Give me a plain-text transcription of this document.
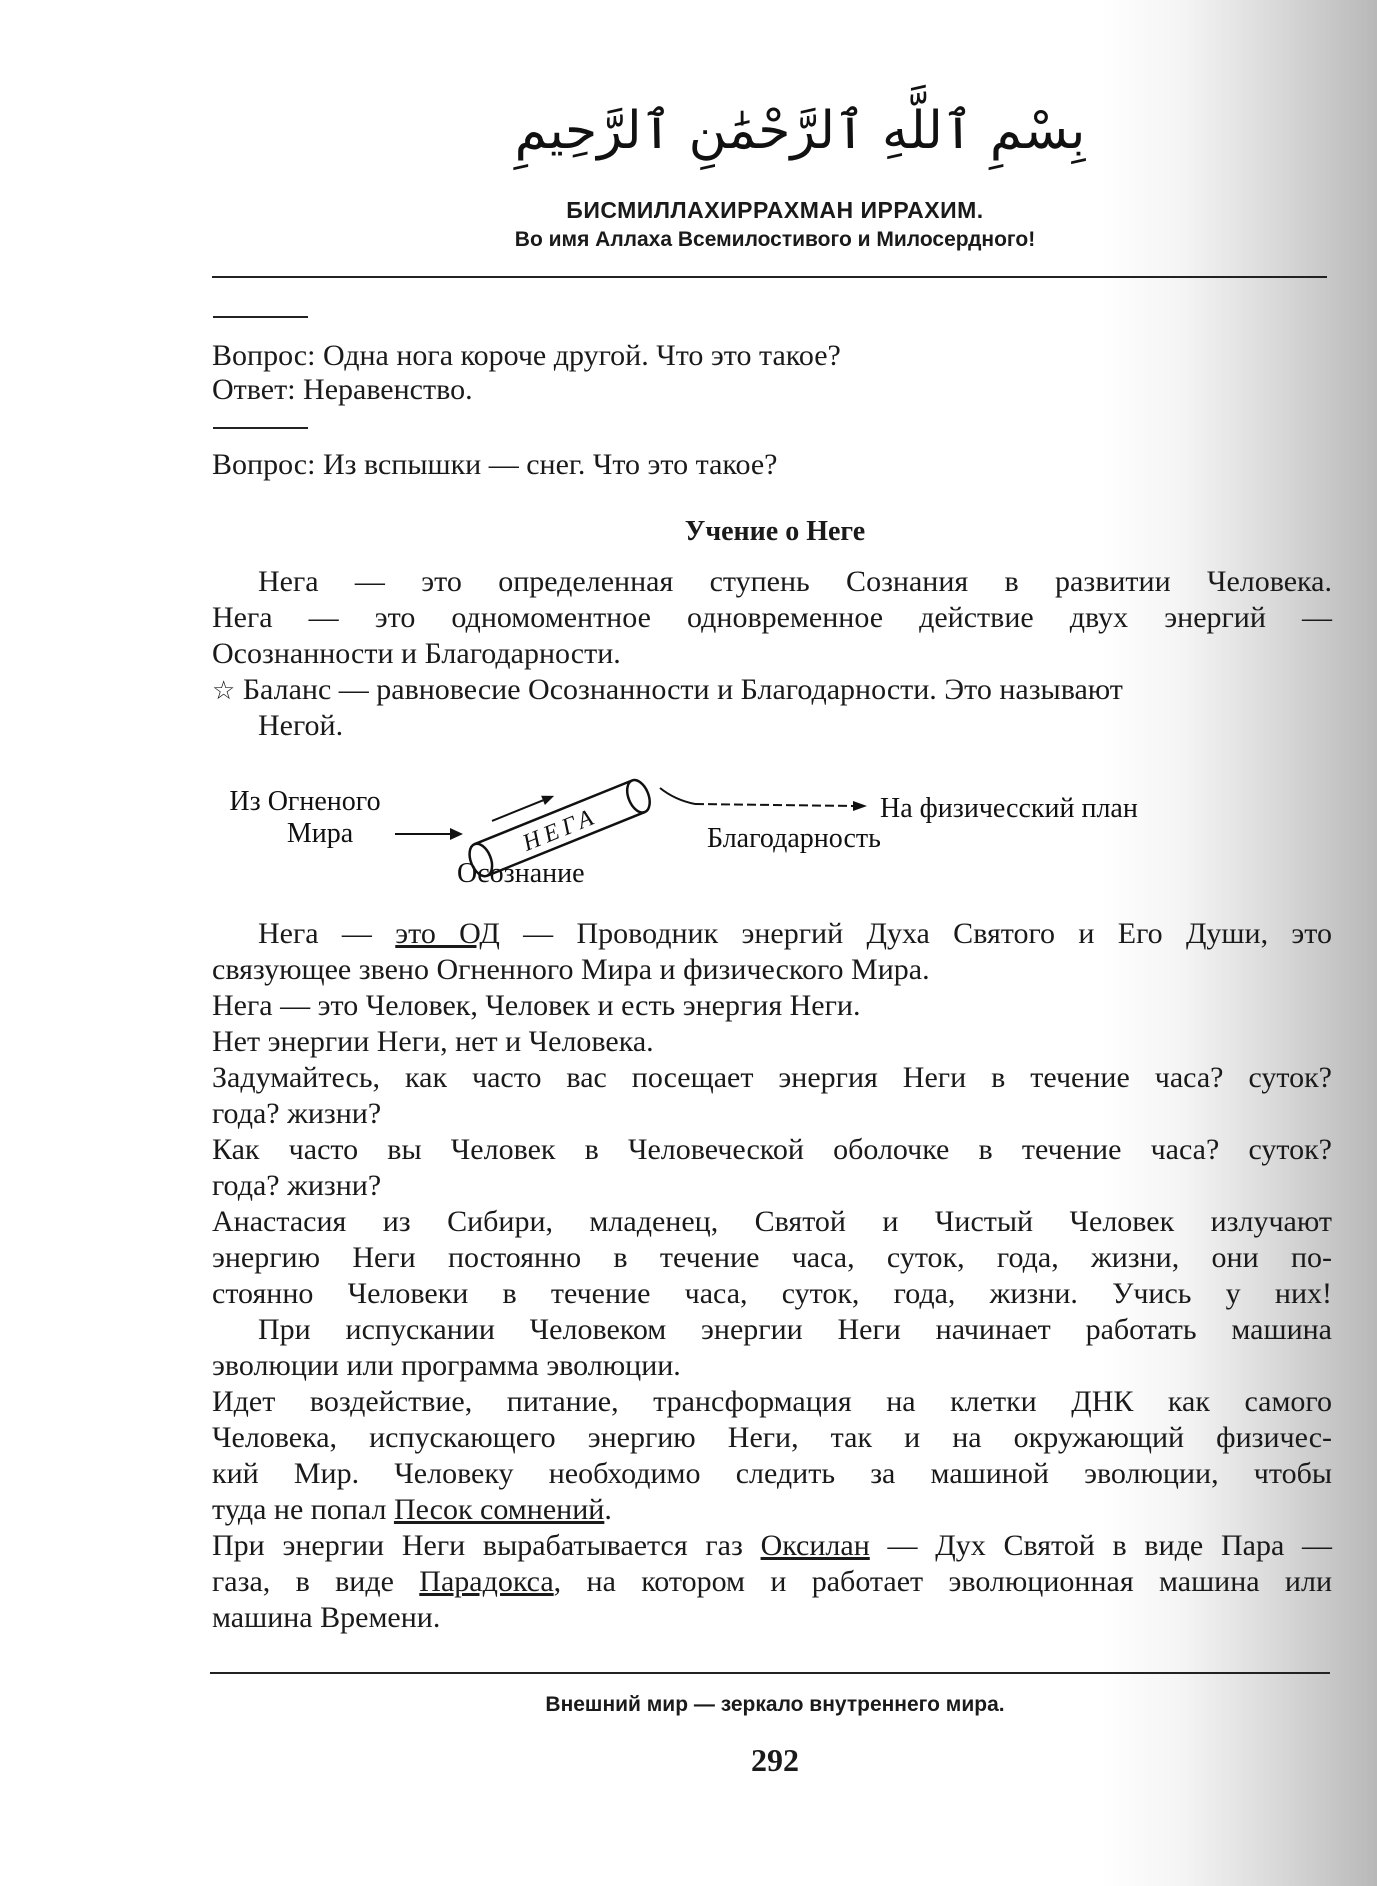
بِسْمِ ٱللَّهِ ٱلرَّحْمَٰنِ ٱلرَّحِيمِ
БИСМИЛЛАХИРРАХМАН ИРРАХИМ.
Во имя Аллаха Всемилостивого и Милосердного!
Вопрос: Одна нога короче другой. Что это такое?
Ответ: Неравенство.
Вопрос: Из вспышки — снег. Что это такое?
Учение о Неге
Нега — это определенная ступень Сознания в развитии Человека.
Нега — это одномоментное одновременное действие двух энергий —
Осознанности и Благодарности.
☆ Баланс — равновесие Осознанности и Благодарности. Это называют
Негой.
Из Огненого
Мира	НЕГА	На физичесский план
Осознание
Благодарность
Нега — это ОД — Проводник энергий Духа Святого и Его Души, это
связующее звено Огненного Мира и физического Мира.
Нега — это Человек, Человек и есть энергия Неги.
Нет энергии Неги, нет и Человека.
Задумайтесь, как часто вас посещает энергия Неги в течение часа? суток?
года? жизни?
Как часто вы Человек в Человеческой оболочке в течение часа? суток?
года? жизни?
Анастасия из Сибири, младенец, Святой и Чистый Человек излучают
энергию Неги постоянно в течение часа, суток, года, жизни, они по-
стоянно Человеки в течение часа, суток, года, жизни. Учись у них!
При испускании Человеком энергии Неги начинает работать машина
эволюции или программа эволюции.
Идет воздействие, питание, трансформация на клетки ДНК как самого
Человека, испускающего энергию Неги, так и на окружающий физичес-
кий Мир. Человеку необходимо следить за машиной эволюции, чтобы
туда не попал Песок сомнений.
При энергии Неги вырабатывается газ Оксилан — Дух Святой в виде Пара —
газа, в виде Парадокса, на котором и работает эволюционная машина или
машина Времени.
Внешний мир — зеркало внутреннего мира.
292
